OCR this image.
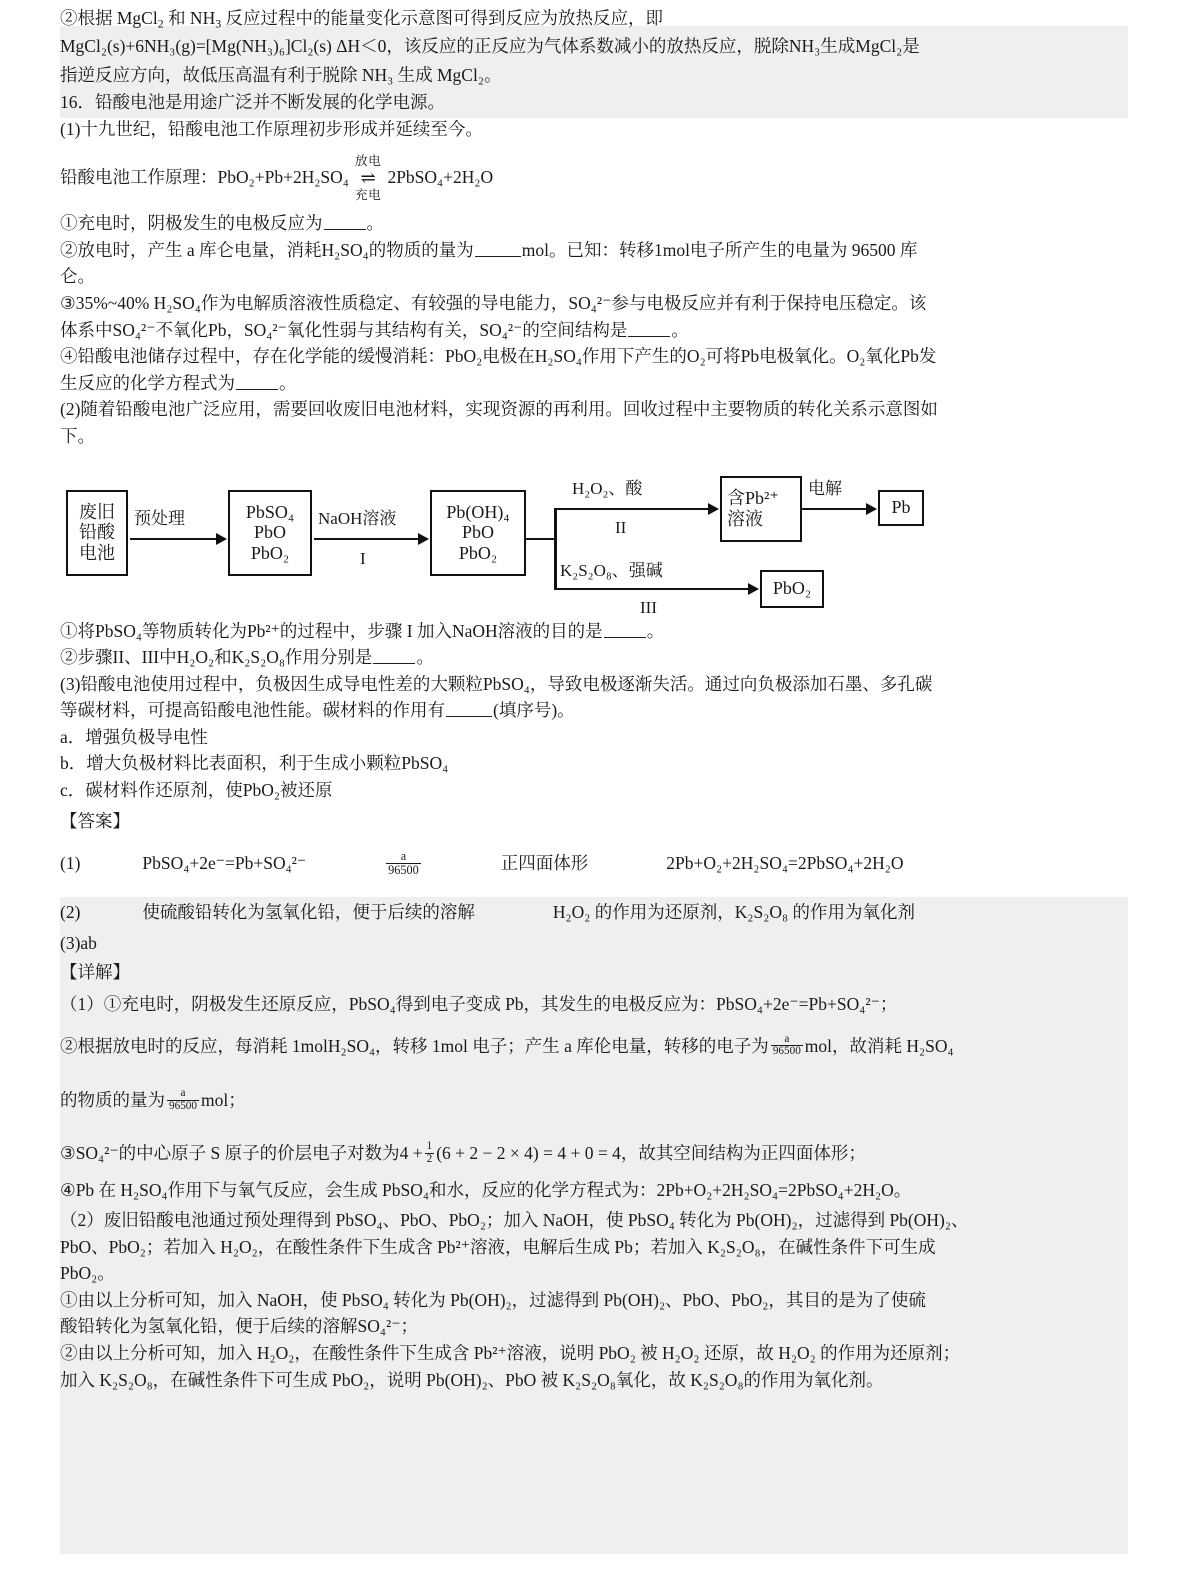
②根据 MgCl$_2$ 和 $NH_3$ 反应过程中的能量变化示意图可得到反应为放热反应，即

MgCl₂(s)+6NH₃(g)=[Mg(NH₃)₆]Cl₂(s) ΔH＜0，该反应的正反应为气体系数减小的放热反应，脱除NH₃生成MgCl₂是

指逆反应方向，故低压高温有利于脱除 NH₃ 生成 MgCl₂。

16．铅酸电池是用途广泛并不断发展的化学电源。

(1)十九世纪，铅酸电池工作原理初步形成并延续至今。

铅酸电池工作原理：PbO₂+Pb+2H₂SO₄
放电
⇌
充电
2PbSO₄+2H₂O

①充电时，阴极发生的电极反应为	。

②放电时，产生 a 库仑电量，消耗H₂SO₄的物质的量为	mol。已知：转移1mol电子所产生的电量为 96500 库

仑。

③35%~40% H₂SO₄作为电解质溶液性质稳定、有较强的导电能力，SO₄²⁻参与电极反应并有利于保持电压稳定。该

体系中SO₄²⁻不氧化Pb，SO₄²⁻氧化性弱与其结构有关，SO₄²⁻的空间结构是	。

④铅酸电池储存过程中，存在化学能的缓慢消耗：PbO₂电极在H₂SO₄作用下产生的O₂可将Pb电极氧化。O₂氧化Pb发

生反应的化学方程式为	。

(2)随着铅酸电池广泛应用，需要回收废旧电池材料，实现资源的再利用。回收过程中主要物质的转化关系示意图如

下。

废旧
铅酸
电池
预处理	PbSO₄
PbO
PbO₂
NaOH溶液
I
Pb(OH)₄
PbO
PbO₂
H₂O₂、酸
II
含Pb²⁺
溶液
电解
Pb
K₂S₂O₈、强碱
III
PbO₂

①将PbSO₄等物质转化为Pb²⁺的过程中，步骤 I 加入NaOH溶液的目的是	。

②步骤II、III中H₂O₂和K₂S₂O₈作用分别是	。

(3)铅酸电池使用过程中，负极因生成导电性差的大颗粒PbSO₄，导致电极逐渐失活。通过向负极添加石墨、多孔碳

等碳材料，可提高铅酸电池性能。碳材料的作用有	(填序号)。

a．增强负极导电性

b．增大负极材料比表面积，利于生成小颗粒PbSO₄

c．碳材料作还原剂，使PbO₂被还原

【答案】

(1)	PbSO₄+2e⁻=Pb+SO₄²⁻	$\frac{a}{96500}$	正四面体形	2Pb+O₂+2H₂SO₄=2PbSO₄+2H₂O

(2)	使硫酸铅转化为氢氧化铅，便于后续的溶解	H₂O₂ 的作用为还原剂，K₂S₂O₈ 的作用为氧化剂

(3)ab

【详解】

（1）①充电时，阴极发生还原反应，PbSO₄得到电子变成 Pb，其发生的电极反应为：PbSO₄+2e⁻=Pb+SO₄²⁻；

②根据放电时的反应，每消耗 1molH₂SO₄，转移 1mol 电子；产生 a 库伦电量，转移的电子为 $\frac{a}{96500}$ mol，故消耗 H₂SO₄

的物质的量为 $\frac{a}{96500}$ mol；

③SO₄²⁻的中心原子 S 原子的价层电子对数为$4 + \frac{1}{2} (6 + 2 - 2 \times 4) = 4 + 0 = 4$，故其空间结构为正四面体形；

④Pb 在 H₂SO₄作用下与氧气反应，会生成 PbSO₄和水，反应的化学方程式为：2Pb+O₂+2H₂SO₄=2PbSO₄+2H₂O。

（2）废旧铅酸电池通过预处理得到 PbSO₄、PbO、PbO₂；加入 NaOH，使 PbSO₄ 转化为 Pb(OH)₂，过滤得到 Pb(OH)₂、

PbO、PbO₂；若加入 H₂O₂，在酸性条件下生成含 Pb²⁺溶液，电解后生成 Pb；若加入 K₂S₂O₈，在碱性条件下可生成

PbO₂。

①由以上分析可知，加入 NaOH，使 PbSO₄ 转化为 Pb(OH)₂，过滤得到 Pb(OH)₂、PbO、PbO₂，其目的是为了使硫

酸铅转化为氢氧化铅，便于后续的溶解SO₄²⁻；

②由以上分析可知，加入 H₂O₂，在酸性条件下生成含 Pb²⁺溶液，说明 PbO₂ 被 H₂O₂ 还原，故 H₂O₂ 的作用为还原剂；

加入 K₂S₂O₈，在碱性条件下可生成 PbO₂，说明 Pb(OH)₂、PbO 被 K₂S₂O₈氧化，故 K₂S₂O₈的作用为氧化剂。
